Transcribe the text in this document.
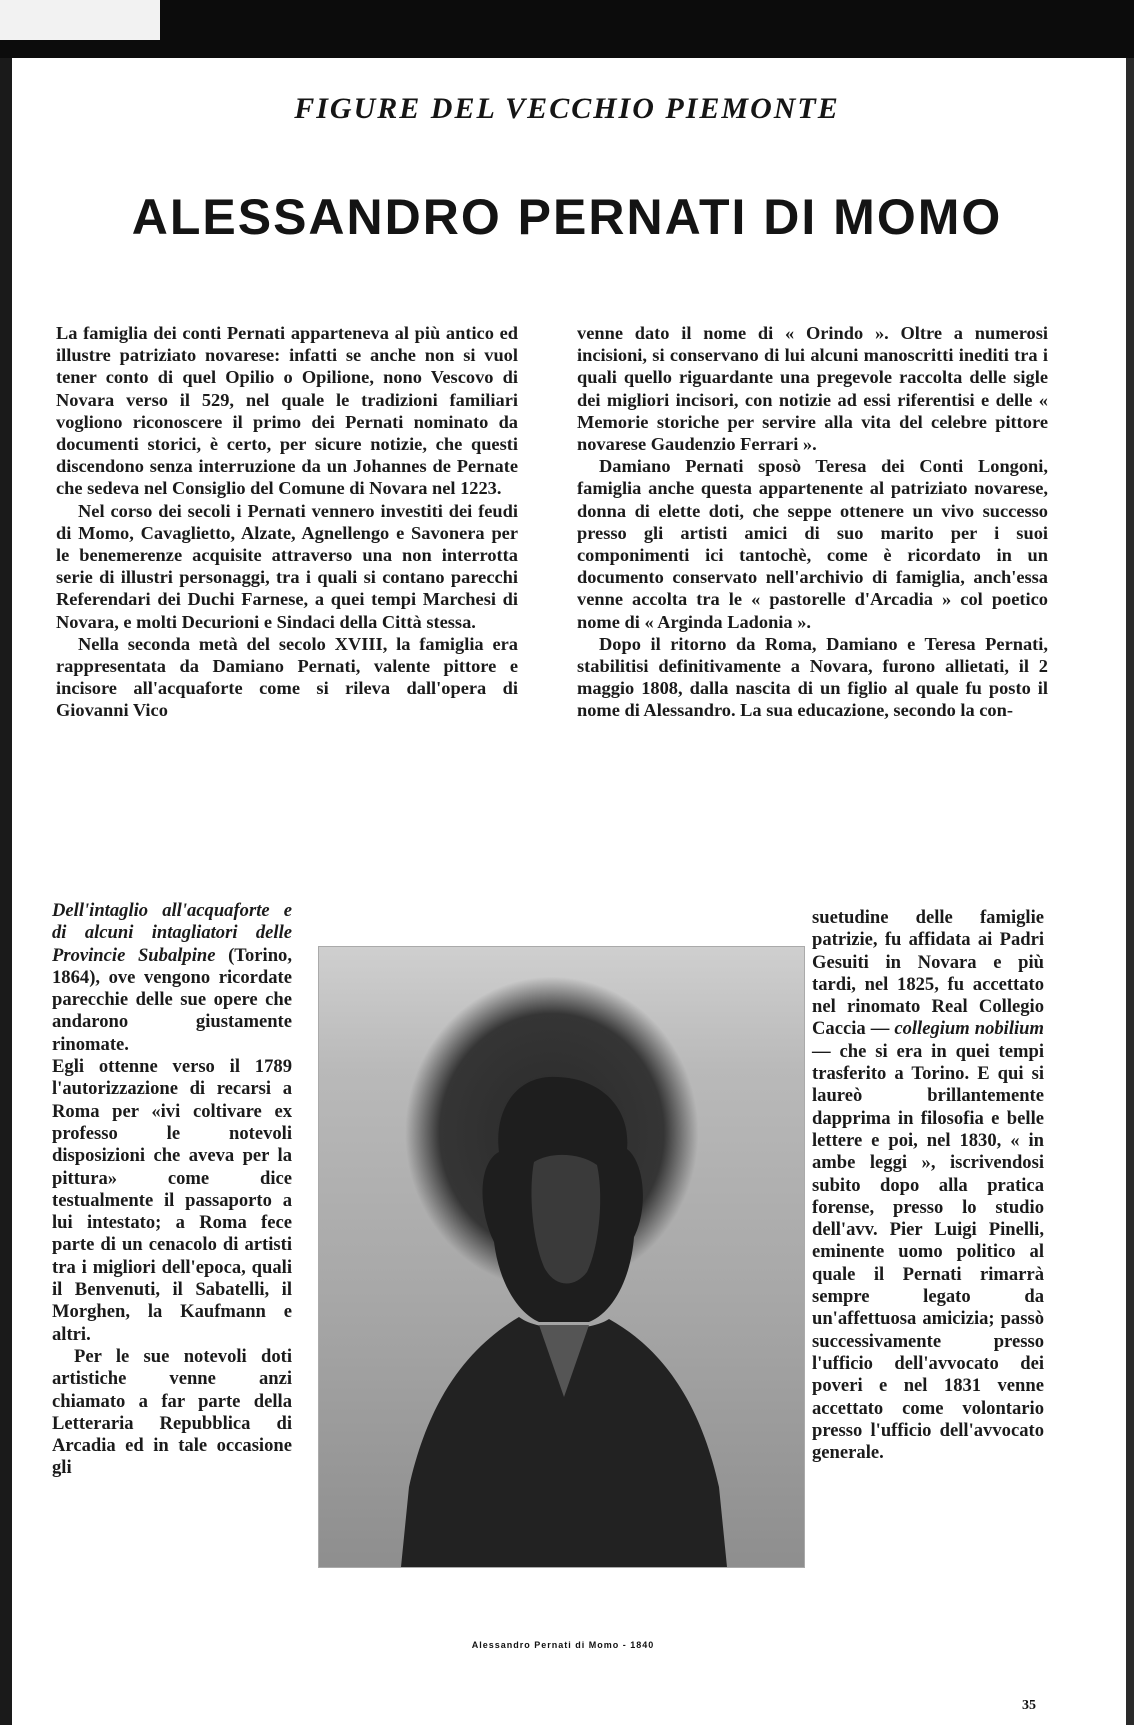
FIGURE DEL VECCHIO PIEMONTE
ALESSANDRO PERNATI DI MOMO

La famiglia dei conti Pernati apparteneva al più antico ed illustre patriziato novarese: infatti se anche non si vuol tener conto di quel Opilio o Opilione, nono Vescovo di Novara verso il 529, nel quale le tradizioni familiari vogliono riconoscere il primo dei Pernati nominato da documenti storici, è certo, per sicure notizie, che questi discendono senza interruzione da un Johannes de Pernate che sedeva nel Consiglio del Comune di Novara nel 1223.

Nel corso dei secoli i Pernati vennero investiti dei feudi di Momo, Cavaglietto, Alzate, Agnellengo e Savonera per le benemerenze acquisite attraverso una non interrotta serie di illustri personaggi, tra i quali si contano parecchi Referendari dei Duchi Farnese, a quei tempi Marchesi di Novara, e molti Decurioni e Sindaci della Città stessa.

Nella seconda metà del secolo XVIII, la famiglia era rappresentata da Damiano Pernati, valente pittore e incisore all'acquaforte come si rileva dall'opera di Giovanni Vico

Dell'intaglio all'acquaforte e di alcuni intagliatori delle Provincie Subalpine (Torino, 1864), ove vengono ricordate parecchie delle sue opere che andarono giustamente rinomate.

Egli ottenne verso il 1789 l'autorizzazione di recarsi a Roma per «ivi coltivare ex professo le notevoli disposizioni che aveva per la pittura» come dice testualmente il passaporto a lui intestato; a Roma fece parte di un cenacolo di artisti tra i migliori dell'epoca, quali il Benvenuti, il Sabatelli, il Morghen, la Kaufmann e altri.

Per le sue notevoli doti artistiche venne anzi chiamato a far parte della Letteraria Repubblica di Arcadia ed in tale occasione gli

venne dato il nome di « Orindo ». Oltre a numerosi incisioni, si conservano di lui alcuni manoscritti inediti tra i quali quello riguardante una pregevole raccolta delle sigle dei migliori incisori, con notizie ad essi riferentisi e delle « Memorie storiche per servire alla vita del celebre pittore novarese Gaudenzio Ferrari ».

Damiano Pernati sposò Teresa dei Conti Longoni, famiglia anche questa appartenente al patriziato novarese, donna di elette doti, che seppe ottenere un vivo successo presso gli artisti amici di suo marito per i suoi componimenti ici tantochè, come è ricordato in un documento conservato nell'archivio di famiglia, anch'essa venne accolta tra le « pastorelle d'Arcadia » col poetico nome di « Arginda Ladonia ».

Dopo il ritorno da Roma, Damiano e Teresa Pernati, stabilitisi definitivamente a Novara, furono allietati, il 2 maggio 1808, dalla nascita di un figlio al quale fu posto il nome di Alessandro. La sua educazione, secondo la con-

suetudine delle famiglie patrizie, fu affidata ai Padri Gesuiti in Novara e più tardi, nel 1825, fu accettato nel rinomato Real Collegio Caccia — collegium nobilium — che si era in quei tempi trasferito a Torino. E qui si laureò brillantemente dapprima in filosofia e belle lettere e poi, nel 1830, « in ambe leggi », iscrivendosi subito dopo alla pratica forense, presso lo studio dell'avv. Pier Luigi Pinelli, eminente uomo politico al quale il Pernati rimarrà sempre legato da un'affettuosa amicizia; passò successivamente presso l'ufficio dell'avvocato dei poveri e nel 1831 venne accettato come volontario presso l'ufficio dell'avvocato generale.

Alessandro Pernati di Momo - 1840
35
